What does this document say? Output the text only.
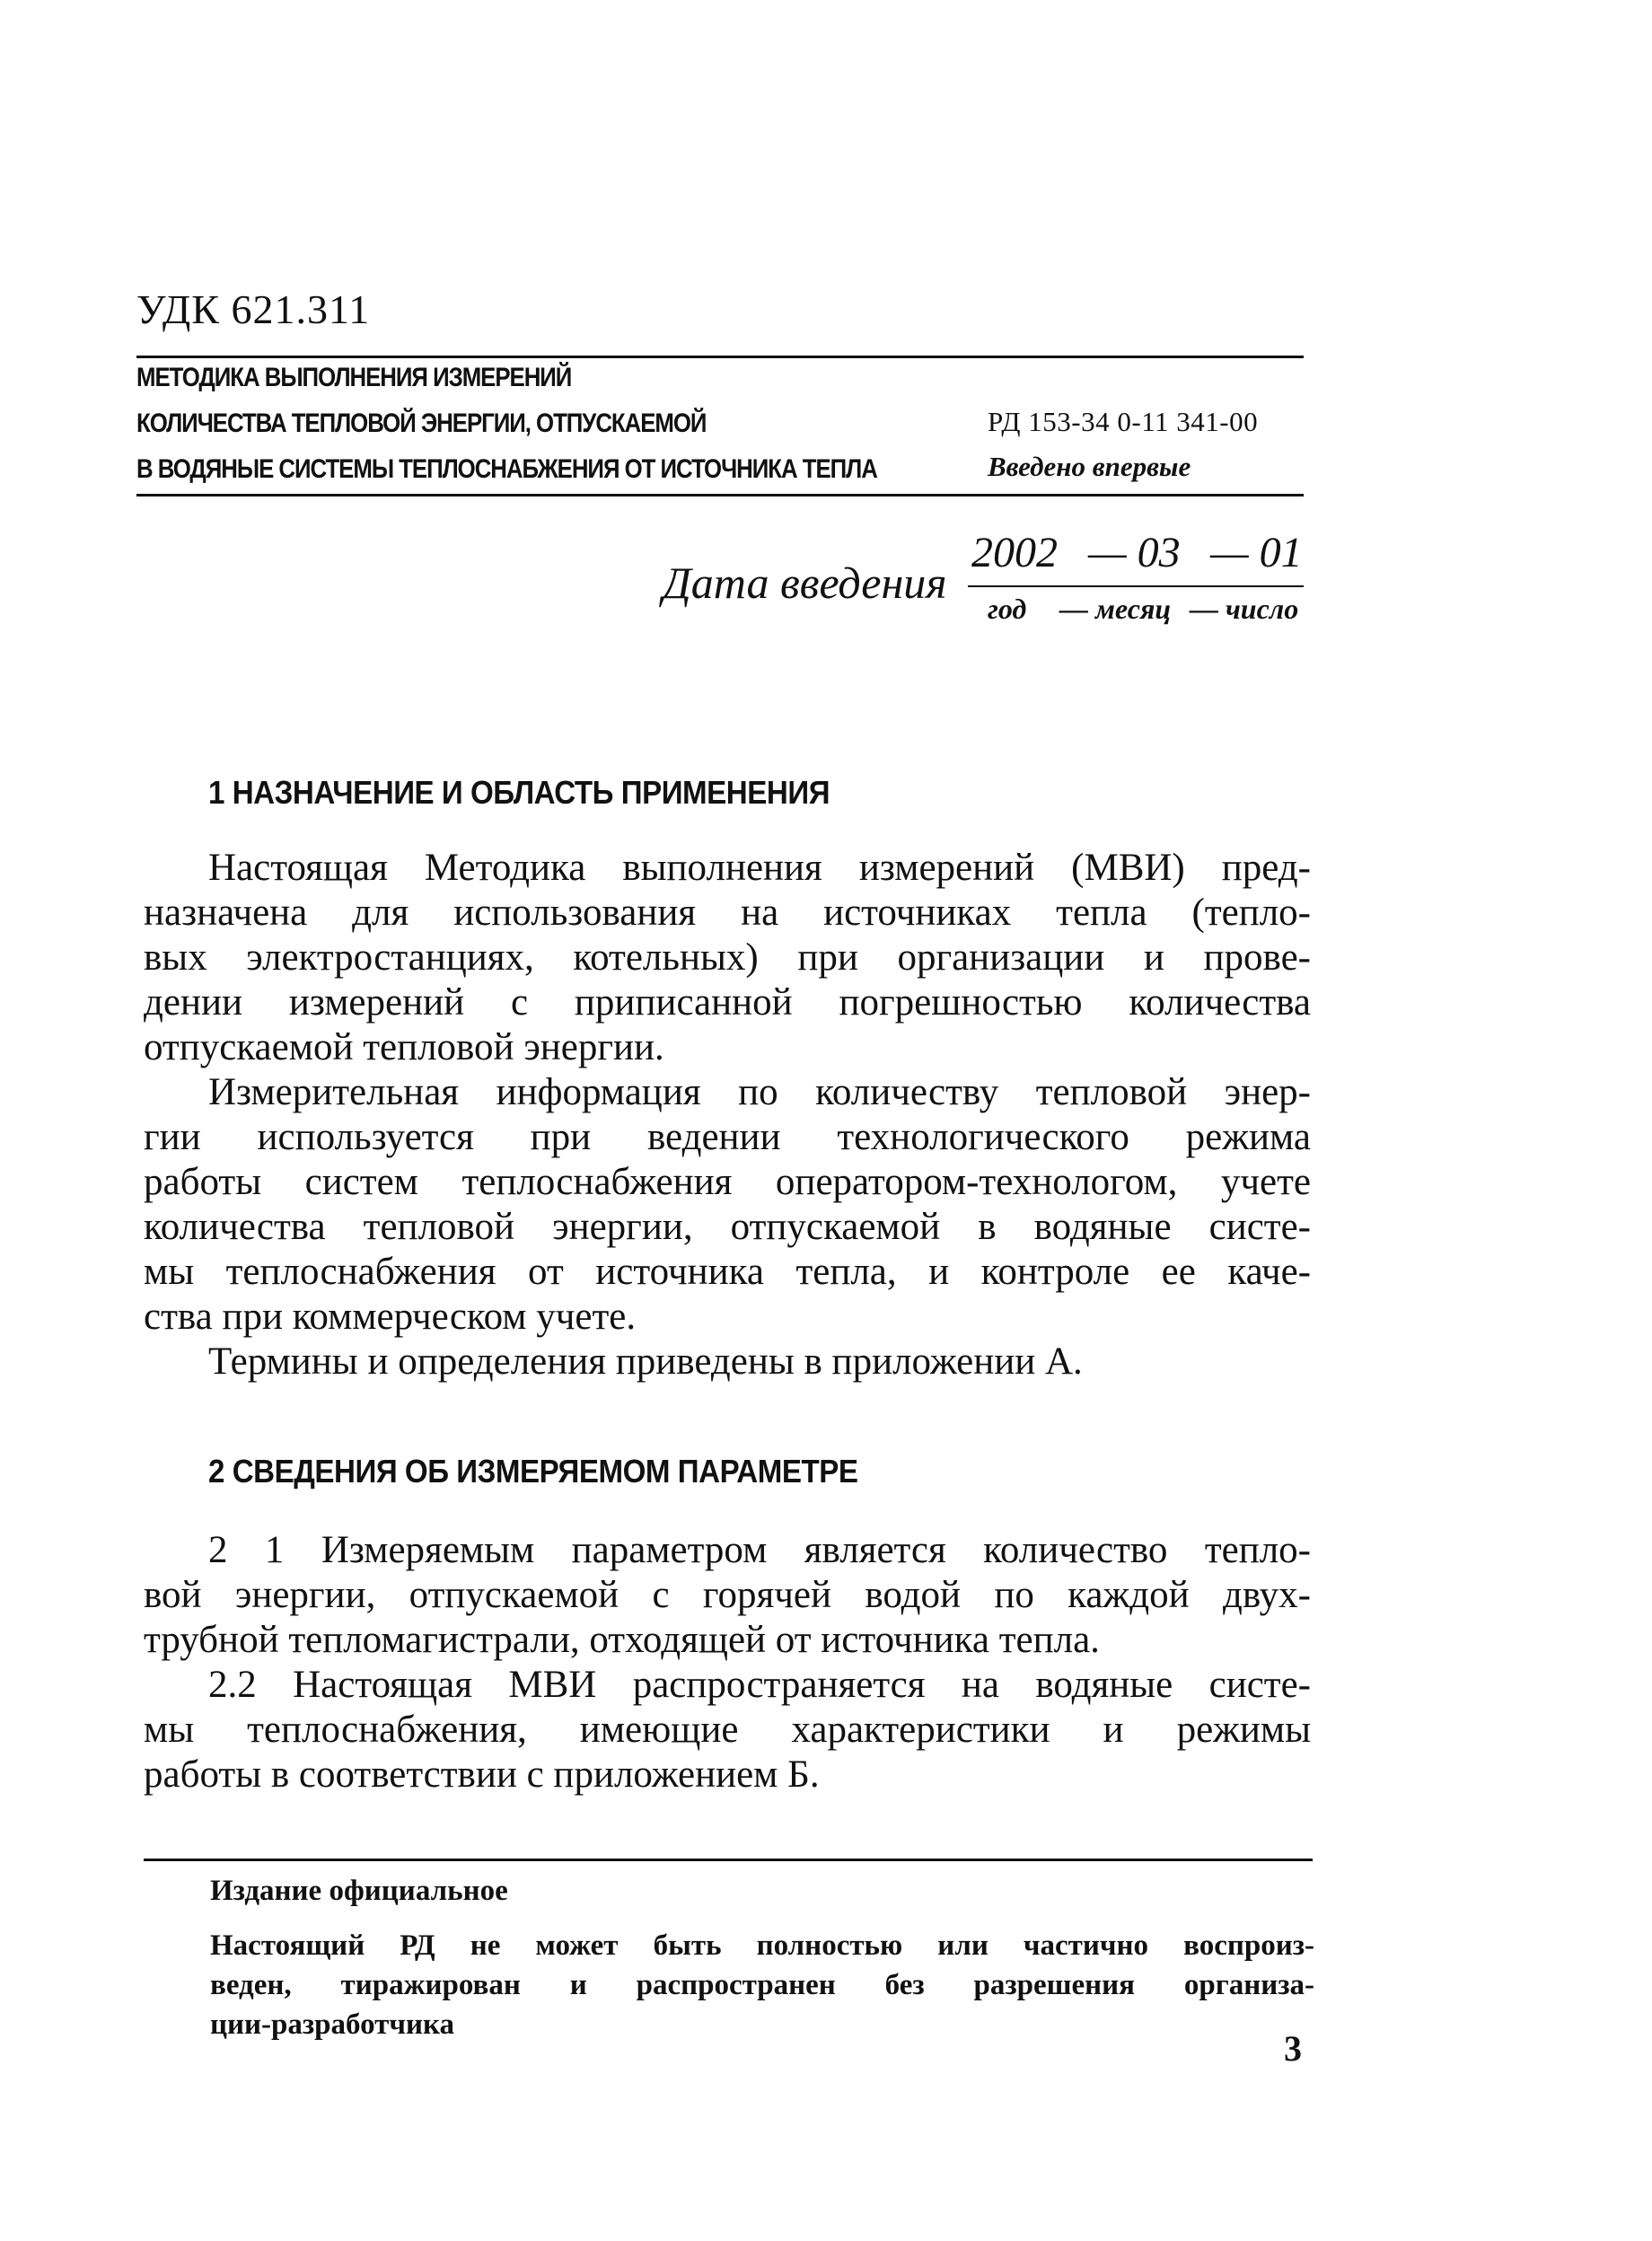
УДК 621.311
МЕТОДИКА ВЫПОЛНЕНИЯ ИЗМЕРЕНИЙ
КОЛИЧЕСТВА ТЕПЛОВОЙ ЭНЕРГИИ, ОТПУСКАЕМОЙ
В ВОДЯНЫЕ СИСТЕМЫ ТЕПЛОСНАБЖЕНИЯ ОТ ИСТОЧНИКА ТЕПЛА
РД 153-34 0-11 341-00
Введено впервые
Дата введения
2002 — 03 — 01
год — месяц — число
1 НАЗНАЧЕНИЕ И ОБЛАСТЬ ПРИМЕНЕНИЯ
Настоящая Методика выполнения измерений (МВИ) пред-
назначена для использования на источниках тепла (тепло-
вых электростанциях, котельных) при организации и прове-
дении измерений с приписанной погрешностью количества
отпускаемой тепловой энергии.
Измерительная информация по количеству тепловой энер-
гии используется при ведении технологического режима
работы систем теплоснабжения оператором-технологом, учете
количества тепловой энергии, отпускаемой в водяные систе-
мы теплоснабжения от источника тепла, и контроле ее каче-
ства при коммерческом учете.
Термины и определения приведены в приложении А.
2 СВЕДЕНИЯ ОБ ИЗМЕРЯЕМОМ ПАРАМЕТРЕ
2 1 Измеряемым параметром является количество тепло-
вой энергии, отпускаемой с горячей водой по каждой двух-
трубной тепломагистрали, отходящей от источника тепла.
2.2 Настоящая МВИ распространяется на водяные систе-
мы теплоснабжения, имеющие характеристики и режимы
работы в соответствии с приложением Б.
Издание официальное
Настоящий РД не может быть полностью или частично воспроиз-
веден, тиражирован и распространен без разрешения организа-
ции-разработчика
3
